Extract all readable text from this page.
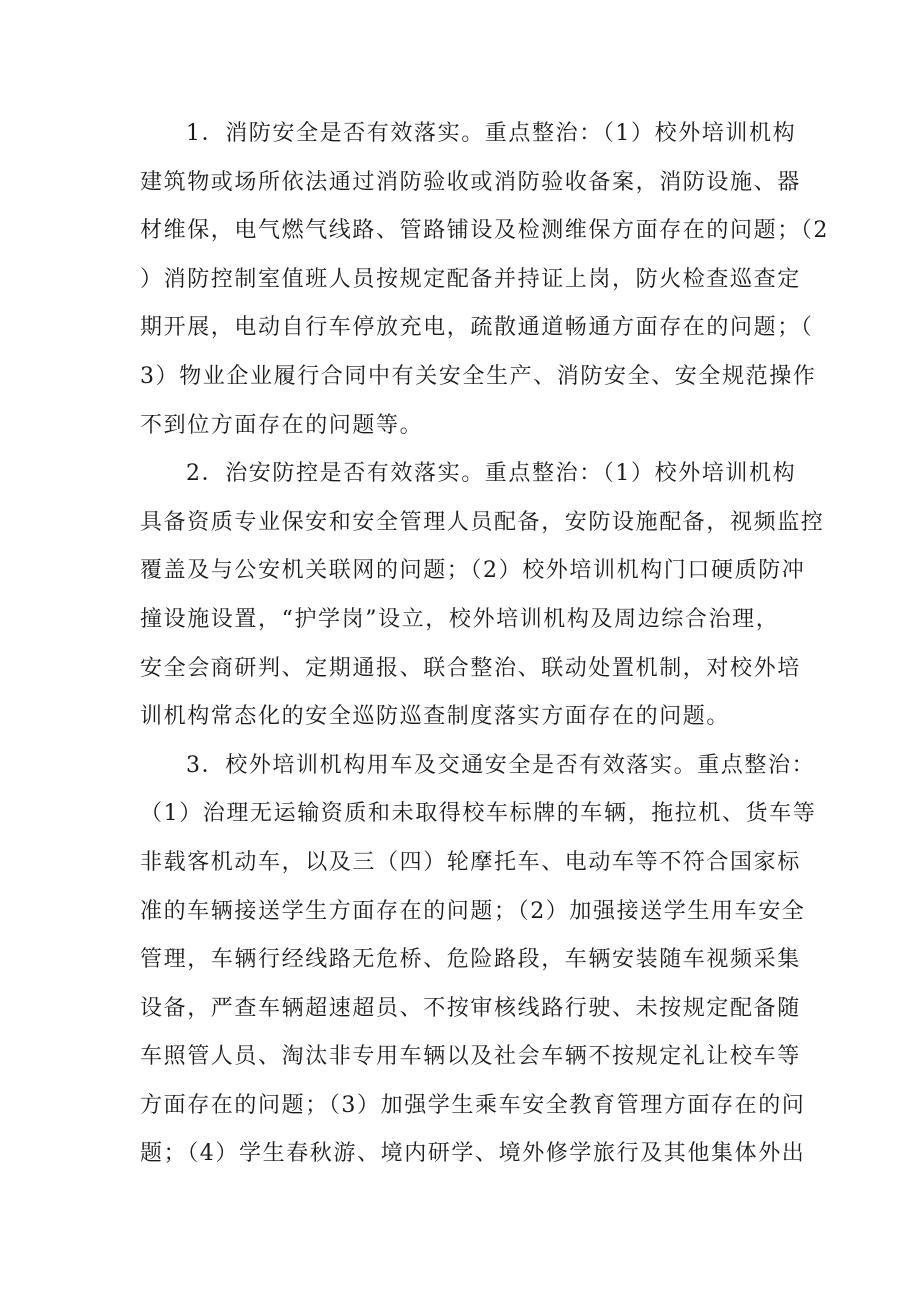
1．消防安全是否有效落实。重点整治：（1）校外培训机构

建筑物或场所依法通过消防验收或消防验收备案，消防设施、器

材维保，电气燃气线路、管路铺设及检测维保方面存在的问题；（2

）消防控制室值班人员按规定配备并持证上岗，防火检查巡查定

期开展，电动自行车停放充电，疏散通道畅通方面存在的问题；（

3）物业企业履行合同中有关安全生产、消防安全、安全规范操作

不到位方面存在的问题等。

2．治安防控是否有效落实。重点整治：（1）校外培训机构

具备资质专业保安和安全管理人员配备，安防设施配备，视频监控

覆盖及与公安机关联网的问题；（2）校外培训机构门口硬质防冲

撞设施设置，“护学岗”设立，校外培训机构及周边综合治理，

安全会商研判、定期通报、联合整治、联动处置机制，对校外培

训机构常态化的安全巡防巡查制度落实方面存在的问题。

3．校外培训机构用车及交通安全是否有效落实。重点整治：

（1）治理无运输资质和未取得校车标牌的车辆，拖拉机、货车等

非载客机动车，以及三（四）轮摩托车、电动车等不符合国家标

准的车辆接送学生方面存在的问题；（2）加强接送学生用车安全

管理，车辆行经线路无危桥、危险路段，车辆安装随车视频采集

设备，严查车辆超速超员、不按审核线路行驶、未按规定配备随

车照管人员、淘汰非专用车辆以及社会车辆不按规定礼让校车等

方面存在的问题；（3）加强学生乘车安全教育管理方面存在的问

题；（4）学生春秋游、境内研学、境外修学旅行及其他集体外出
